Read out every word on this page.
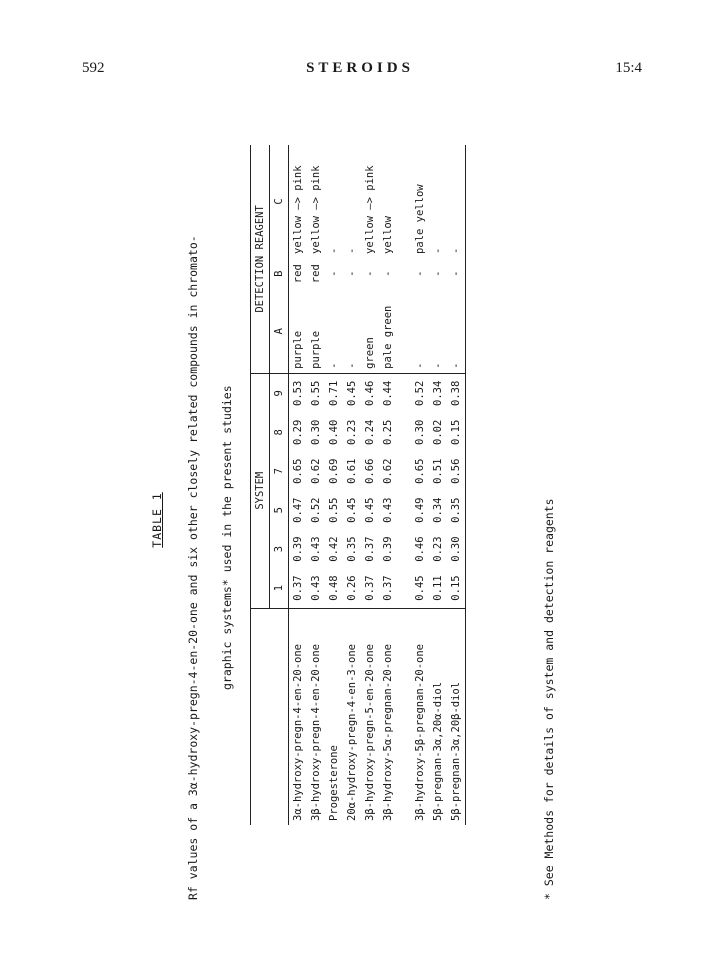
592	STEROIDS	15:4
TABLE 1	Rf values of a 3α-hydroxy-pregn-4-en-20-one and six other closely related compounds in chromato-	graphic systems* used in the present studies
		SYSTEM						DETECTION REAGENT		
	1	3	5	7	8	9	A	B	C
3α-hydroxy-pregn-4-en-20-one	0.37	0.39	0.47	0.65	0.29	0.53	purple	red	yellow —> pink
3β-hydroxy-pregn-4-en-20-one	0.43	0.43	0.52	0.62	0.30	0.55	purple	red	yellow —> pink
Progesterone	0.48	0.42	0.55	0.69	0.40	0.71	-	-	-
20α-hydroxy-pregn-4-en-3-one	0.26	0.35	0.45	0.61	0.23	0.45	-	-	-
3β-hydroxy-pregn-5-en-20-one	0.37	0.37	0.45	0.66	0.24	0.46	green	-	yellow —> pink
3β-hydroxy-5α-pregnan-20-one	0.37	0.39	0.43	0.62	0.25	0.44	pale green	-	yellow

3β-hydroxy-5β-pregnan-20-one	0.45	0.46	0.49	0.65	0.30	0.52	-	-	pale yellow
5β-pregnan-3α,20α-diol	0.11	0.23	0.34	0.51	0.02	0.34	-	-	-
5β-pregnan-3α,20β-diol	0.15	0.30	0.35	0.56	0.15	0.38	-	-	-
* See Methods for details of system and detection reagents
